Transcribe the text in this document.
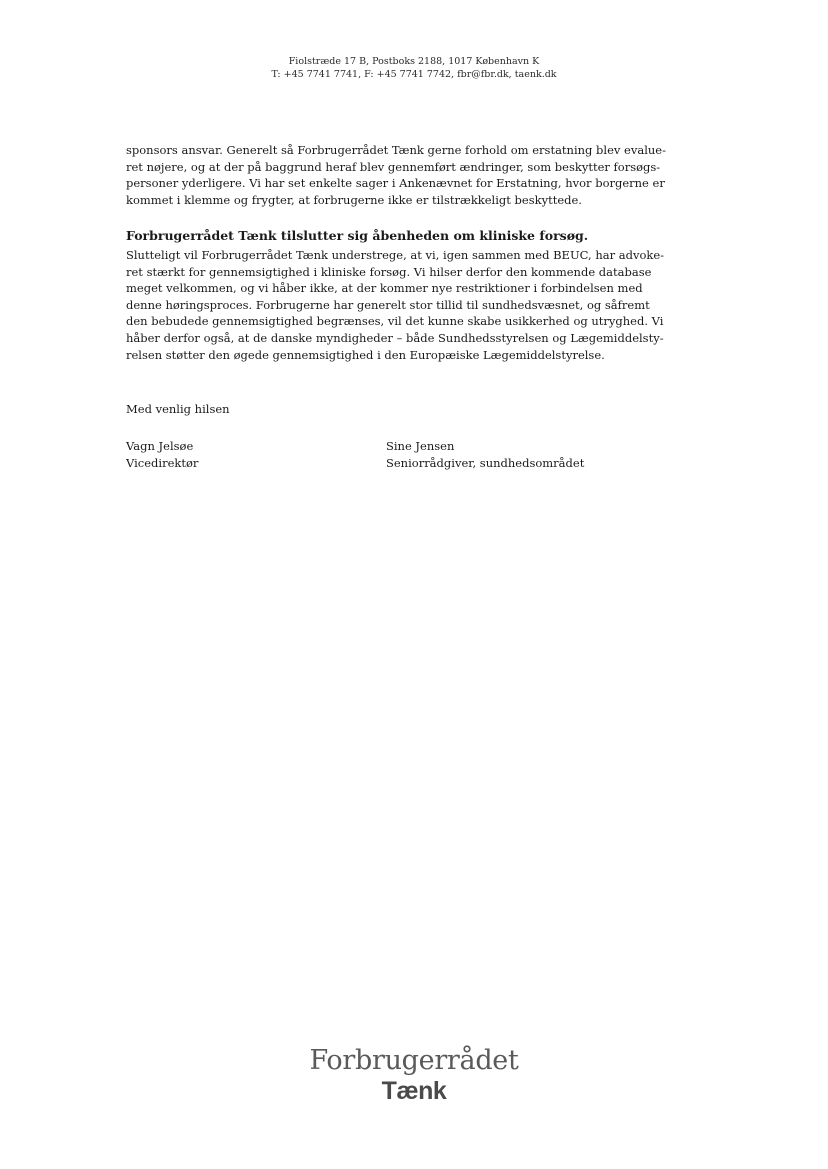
Fiolstræde 17 B, Postboks 2188, 1017 København K
T: +45 7741 7741, F: +45 7741 7742, fbr@fbr.dk, taenk.dk

sponsors ansvar. Generelt så Forbrugerrådet Tænk gerne forhold om erstatning blev evalue-
ret nøjere, og at der på baggrund heraf blev gennemført ændringer, som beskytter forsøgs-
personer yderligere. Vi har set enkelte sager i Ankenævnet for Erstatning, hvor borgerne er
kommet i klemme og frygter, at forbrugerne ikke er tilstrækkeligt beskyttede.

Forbrugerrådet Tænk tilslutter sig åbenheden om kliniske forsøg.

Slutteligt vil Forbrugerrådet Tænk understrege, at vi, igen sammen med BEUC, har advoke-
ret stærkt for gennemsigtighed i kliniske forsøg. Vi hilser derfor den kommende database
meget velkommen, og vi håber ikke, at der kommer nye restriktioner i forbindelsen med
denne høringsproces. Forbrugerne har generelt stor tillid til sundhedsvæsnet, og såfremt
den bebudede gennemsigtighed begrænses, vil det kunne skabe usikkerhed og utryghed. Vi
håber derfor også, at de danske myndigheder – både Sundhedsstyrelsen og Lægemiddelsty-
relsen støtter den øgede gennemsigtighed i den Europæiske Lægemiddelstyrelse.

Med venlig hilsen
Vagn Jelsøe
Vicedirektør
Sine Jensen
Seniorrådgiver, sundhedsområdet
Forbrugerrådet
Tænk
